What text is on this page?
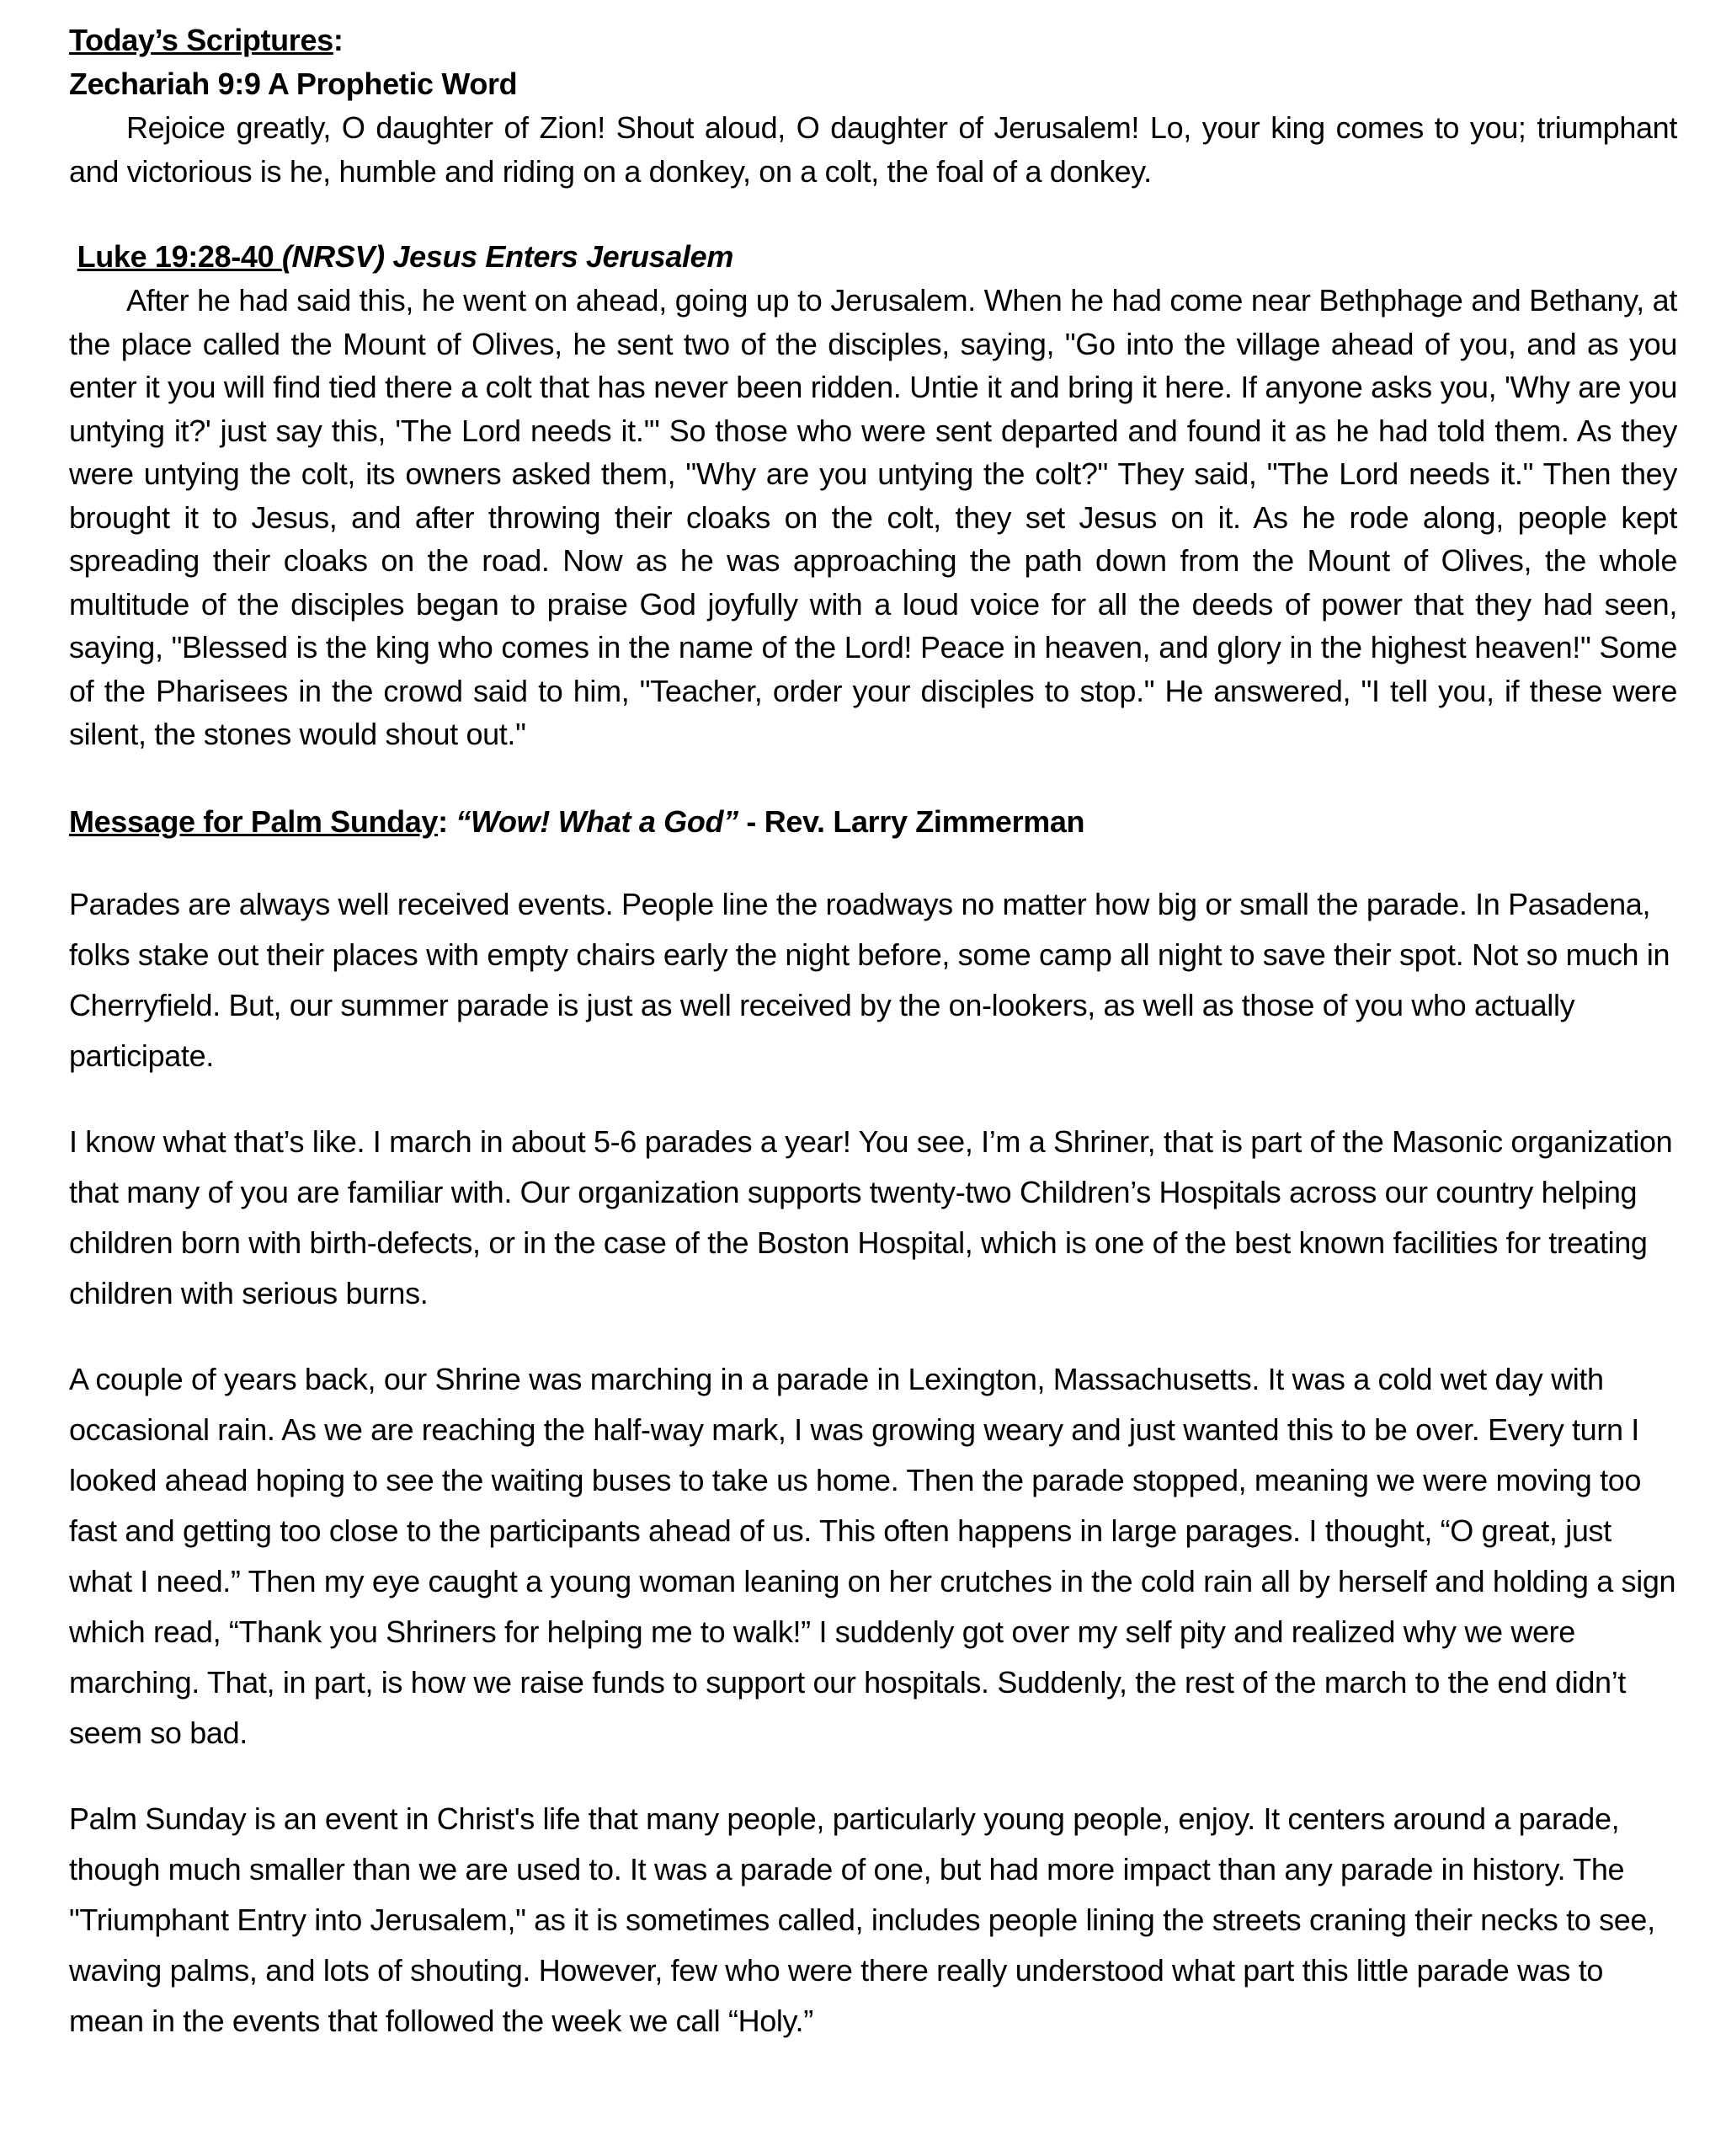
Today’s Scriptures:
Zechariah 9:9 A Prophetic Word

Rejoice greatly, O daughter of Zion! Shout aloud, O daughter of Jerusalem! Lo, your king comes to you; triumphant and victorious is he, humble and riding on a donkey, on a colt, the foal of a donkey.

Luke 19:28-40 (NRSV) Jesus Enters Jerusalem

After he had said this, he went on ahead, going up to Jerusalem. When he had come near Bethphage and Bethany, at the place called the Mount of Olives, he sent two of the disciples, saying, "Go into the village ahead of you, and as you enter it you will find tied there a colt that has never been ridden. Untie it and bring it here. If anyone asks you, 'Why are you untying it?' just say this, 'The Lord needs it.'" So those who were sent departed and found it as he had told them. As they were untying the colt, its owners asked them, "Why are you untying the colt?" They said, "The Lord needs it." Then they brought it to Jesus, and after throwing their cloaks on the colt, they set Jesus on it. As he rode along, people kept spreading their cloaks on the road. Now as he was approaching the path down from the Mount of Olives, the whole multitude of the disciples began to praise God joyfully with a loud voice for all the deeds of power that they had seen, saying, "Blessed is the king who comes in the name of the Lord! Peace in heaven, and glory in the highest heaven!" Some of the Pharisees in the crowd said to him, "Teacher, order your disciples to stop." He answered, "I tell you, if these were silent, the stones would shout out."

Message for Palm Sunday: “Wow! What a God” - Rev. Larry Zimmerman

Parades are always well received events. People line the roadways no matter how big or small the parade. In Pasadena, folks stake out their places with empty chairs early the night before, some camp all night to save their spot. Not so much in Cherryfield. But, our summer parade is just as well received by the on-lookers, as well as those of you who actually participate.

I know what that’s like. I march in about 5-6 parades a year! You see, I’m a Shriner, that is part of the Masonic organization that many of you are familiar with. Our organization supports twenty-two Children’s Hospitals across our country helping children born with birth-defects, or in the case of the Boston Hospital, which is one of the best known facilities for treating children with serious burns.

A couple of years back, our Shrine was marching in a parade in Lexington, Massachusetts. It was a cold wet day with occasional rain. As we are reaching the half-way mark, I was growing weary and just wanted this to be over. Every turn I looked ahead hoping to see the waiting buses to take us home. Then the parade stopped, meaning we were moving too fast and getting too close to the participants ahead of us. This often happens in large parages. I thought, “O great, just what I need.” Then my eye caught a young woman leaning on her crutches in the cold rain all by herself and holding a sign which read, “Thank you Shriners for helping me to walk!” I suddenly got over my self pity and realized why we were marching. That, in part, is how we raise funds to support our hospitals. Suddenly, the rest of the march to the end didn’t seem so bad.

Palm Sunday is an event in Christ's life that many people, particularly young people, enjoy. It centers around a parade, though much smaller than we are used to. It was a parade of one, but had more impact than any parade in history. The "Triumphant Entry into Jerusalem," as it is sometimes called, includes people lining the streets craning their necks to see, waving palms, and lots of shouting. However, few who were there really understood what part this little parade was to mean in the events that followed the week we call “Holy.”
